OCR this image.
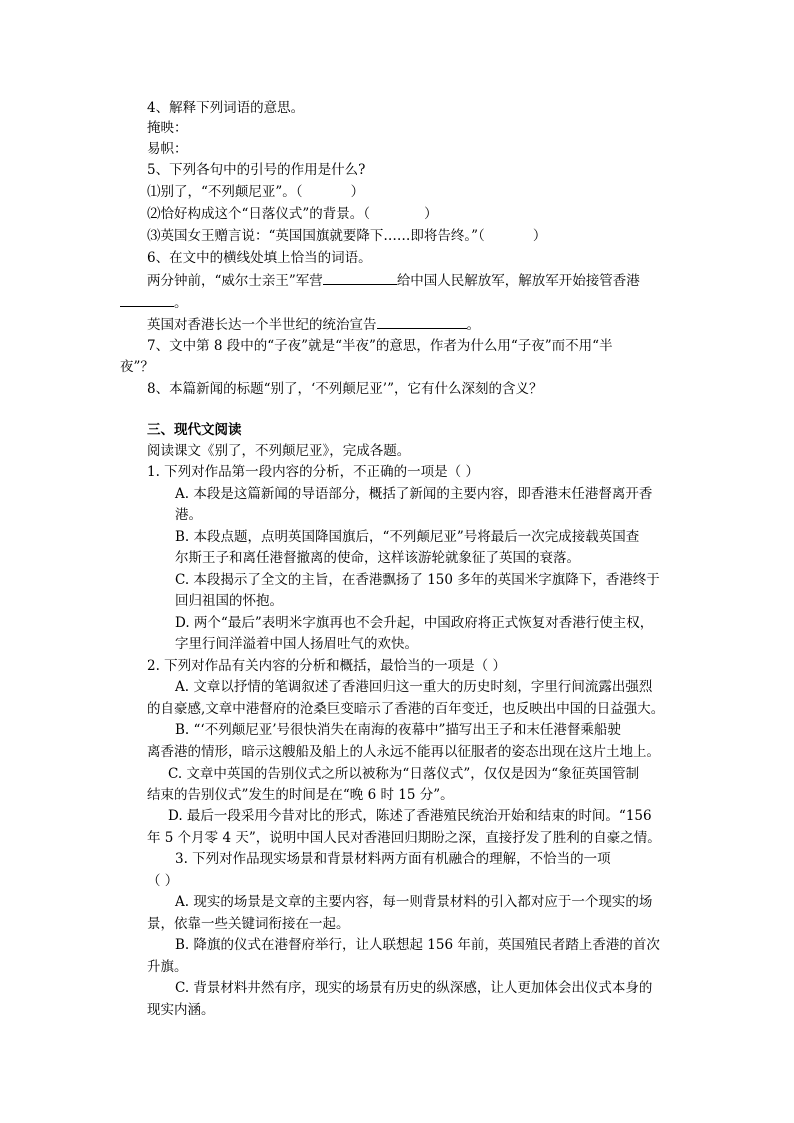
4、解释下列词语的意思。
掩映：
易帜：
5、下列各句中的引号的作用是什么?
⑴别了，“不列颠尼亚”。（	）
⑵恰好构成这个“日落仪式”的背景。（	）
⑶英国女王赠言说：“英国国旗就要降下……即将告终。”（	）
6、在文中的横线处填上恰当的词语。
两分钟前，“威尔士亲王”军营	给中国人民解放军，解放军开始接管香港
。
英国对香港长达一个半世纪的统治宣告	。
7、文中第 8 段中的“子夜”就是“半夜”的意思，作者为什么用“子夜”而不用“半
夜”？
8、本篇新闻的标题“别了，‘不列颠尼亚’”，它有什么深刻的含义？
三、现代文阅读
阅读课文《别了，不列颠尼亚》，完成各题。
1. 下列对作品第一段内容的分析，不正确的一项是（ ）
A. 本段是这篇新闻的导语部分，概括了新闻的主要内容，即香港末任港督离开香
港。
B. 本段点题，点明英国降国旗后，“不列颠尼亚”号将最后一次完成接载英国查
尔斯王子和离任港督撤离的使命，这样该游轮就象征了英国的衰落。
C. 本段揭示了全文的主旨，在香港飘扬了 150 多年的英国米字旗降下，香港终于
回归祖国的怀抱。
D. 两个“最后”表明米字旗再也不会升起，中国政府将正式恢复对香港行使主权，
字里行间洋溢着中国人扬眉吐气的欢快。
2. 下列对作品有关内容的分析和概括，最恰当的一项是（ ）
A. 文章以抒情的笔调叙述了香港回归这一重大的历史时刻，字里行间流露出强烈
的自豪感,文章中港督府的沧桑巨变暗示了香港的百年变迁，也反映出中国的日益强大。
B. “‘不列颠尼亚’号很快消失在南海的夜幕中”描写出王子和末任港督乘船驶
离香港的情形，暗示这艘船及船上的人永远不能再以征服者的姿态出现在这片土地上。
C. 文章中英国的告别仪式之所以被称为“日落仪式”，仅仅是因为“象征英国管制
结束的告别仪式”发生的时间是在“晚 6 时 15 分”。
D. 最后一段采用今昔对比的形式，陈述了香港殖民统治开始和结束的时间。“156
年 5 个月零 4 天”，说明中国人民对香港回归期盼之深，直接抒发了胜利的自豪之情。
3. 下列对作品现实场景和背景材料两方面有机融合的理解，不恰当的一项
（ ）
A. 现实的场景是文章的主要内容，每一则背景材料的引入都对应于一个现实的场
景，依靠一些关键词衔接在一起。
B. 降旗的仪式在港督府举行，让人联想起 156 年前，英国殖民者踏上香港的首次
升旗。
C. 背景材料井然有序，现实的场景有历史的纵深感，让人更加体会出仪式本身的
现实内涵。
